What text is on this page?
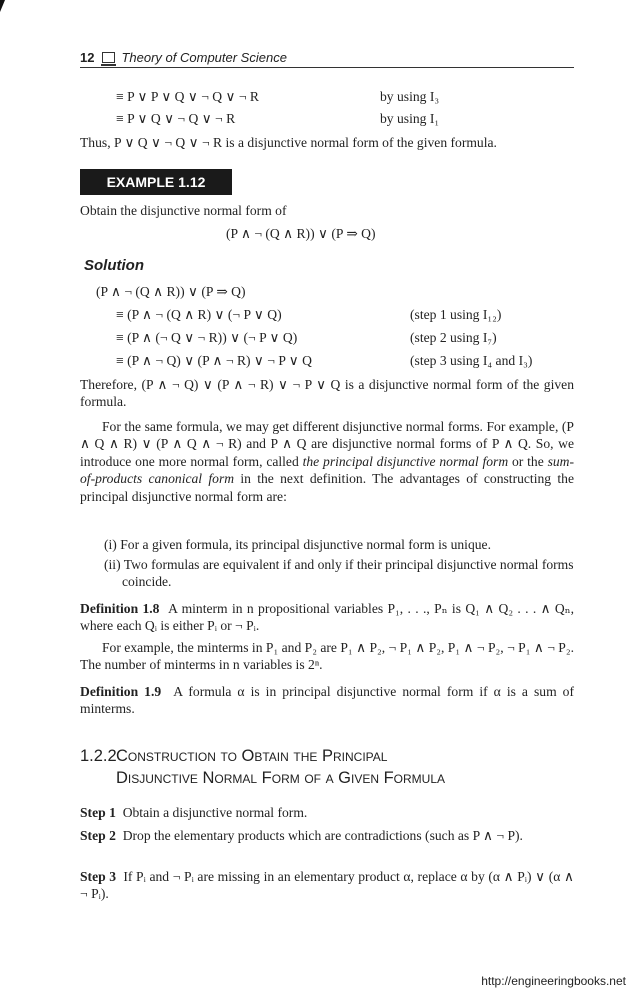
12 Theory of Computer Science
≡ P ∨ P ∨ Q ∨ ¬ Q ∨ ¬ R	by using I₃
≡ P ∨ Q ∨ ¬ Q ∨ ¬ R	by using I₁
Thus, P ∨ Q ∨ ¬ Q ∨ ¬ R is a disjunctive normal form of the given formula.
EXAMPLE 1.12
Obtain the disjunctive normal form of
(P ∧ ¬ (Q ∧ R)) ∨ (P ⇒ Q)
Solution
(P ∧ ¬ (Q ∧ R)) ∨ (P ⇒ Q)
≡ (P ∧ ¬ (Q ∧ R) ∨ (¬ P ∨ Q)	(step 1 using I₁₂)
≡ (P ∧ (¬ Q ∨ ¬ R)) ∨ (¬ P ∨ Q)	(step 2 using I₇)
≡ (P ∧ ¬ Q) ∨ (P ∧ ¬ R) ∨ ¬ P ∨ Q	(step 3 using I₄ and I₃)
Therefore, (P ∧ ¬ Q) ∨ (P ∧ ¬ R) ∨ ¬ P ∨ Q is a disjunctive normal form of the given formula.
For the same formula, we may get different disjunctive normal forms. For example, (P ∧ Q ∧ R) ∨ (P ∧ Q ∧ ¬ R) and P ∧ Q are disjunctive normal forms of P ∧ Q. So, we introduce one more normal form, called the principal disjunctive normal form or the sum-of-products canonical form in the next definition. The advantages of constructing the principal disjunctive normal form are:
(i) For a given formula, its principal disjunctive normal form is unique.
(ii) Two formulas are equivalent if and only if their principal disjunctive normal forms coincide.
Definition 1.8 A minterm in n propositional variables P₁, . . ., Pₙ is Q₁ ∧ Q₂ . . . ∧ Qₙ, where each Qᵢ is either Pᵢ or ¬ Pᵢ.
For example, the minterms in P₁ and P₂ are P₁ ∧ P₂, ¬ P₁ ∧ P₂, P₁ ∧ ¬ P₂, ¬ P₁ ∧ ¬ P₂. The number of minterms in n variables is 2ⁿ.
Definition 1.9 A formula α is in principal disjunctive normal form if α is a sum of minterms.
1.2.2Construction to Obtain the Principal
Disjunctive Normal Form of a Given Formula
Step 1 Obtain a disjunctive normal form.
Step 2 Drop the elementary products which are contradictions (such as P ∧ ¬ P).
Step 3 If Pᵢ and ¬ Pᵢ are missing in an elementary product α, replace α by (α ∧ Pᵢ) ∨ (α ∧ ¬ Pᵢ).
http://engineeringbooks.net
